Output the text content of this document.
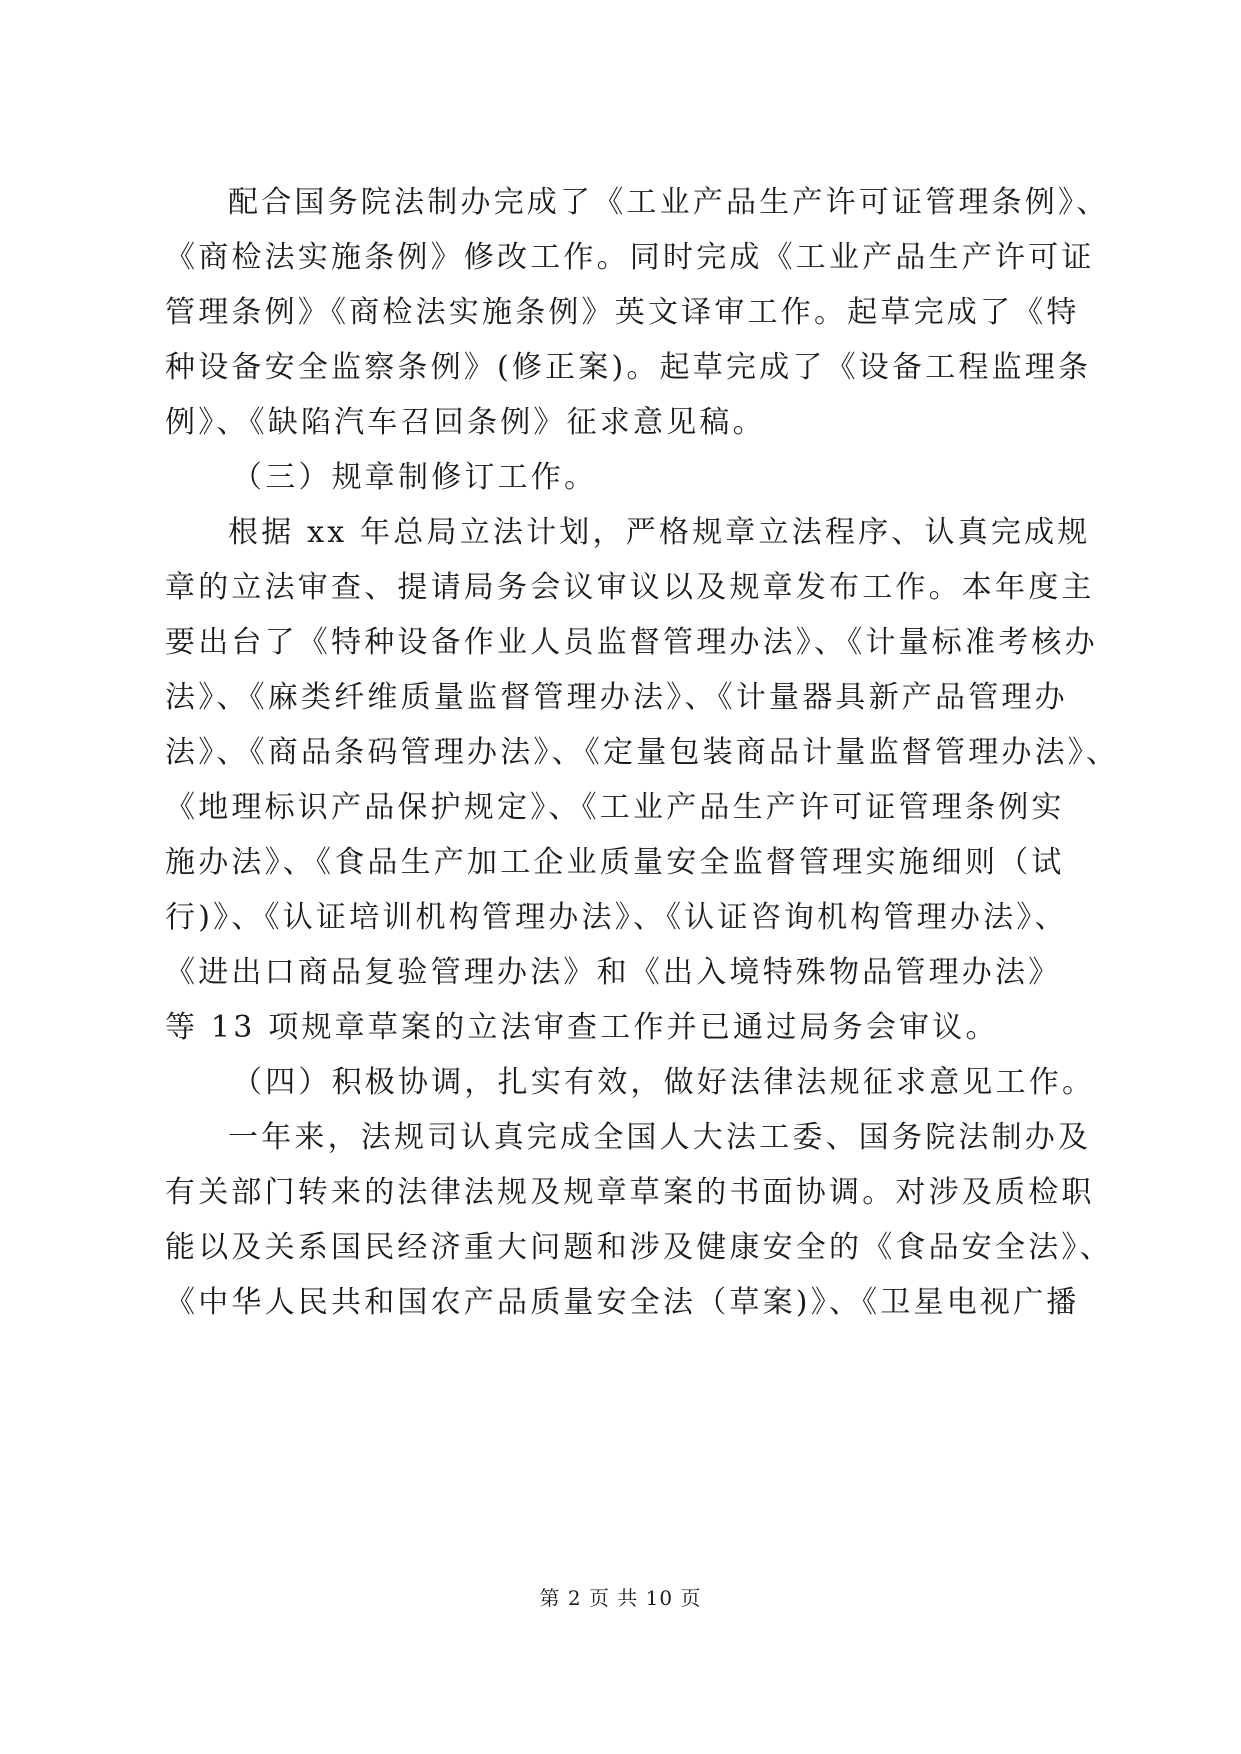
配合国务院法制办完成了《工业产品生产许可证管理条例》、

《商检法实施条例》修改工作。同时完成《工业产品生产许可证

管理条例》《商检法实施条例》英文译审工作。起草完成了《特

种设备安全监察条例》(修正案)。起草完成了《设备工程监理条

例》、《缺陷汽车召回条例》征求意见稿。

（三）规章制修订工作。

根据 xx 年总局立法计划，严格规章立法程序、认真完成规

章的立法审查、提请局务会议审议以及规章发布工作。本年度主

要出台了《特种设备作业人员监督管理办法》、《计量标准考核办

法》、《麻类纤维质量监督管理办法》、《计量器具新产品管理办

法》、《商品条码管理办法》、《定量包装商品计量监督管理办法》、

《地理标识产品保护规定》、《工业产品生产许可证管理条例实

施办法》、《食品生产加工企业质量安全监督管理实施细则（试

行)》、《认证培训机构管理办法》、《认证咨询机构管理办法》、

《进出口商品复验管理办法》和《出入境特殊物品管理办法》

等 13 项规章草案的立法审查工作并已通过局务会审议。

（四）积极协调，扎实有效，做好法律法规征求意见工作。

一年来，法规司认真完成全国人大法工委、国务院法制办及

有关部门转来的法律法规及规章草案的书面协调。对涉及质检职

能以及关系国民经济重大问题和涉及健康安全的《食品安全法》、

《中华人民共和国农产品质量安全法（草案)》、《卫星电视广播

第 2 页 共 10 页
